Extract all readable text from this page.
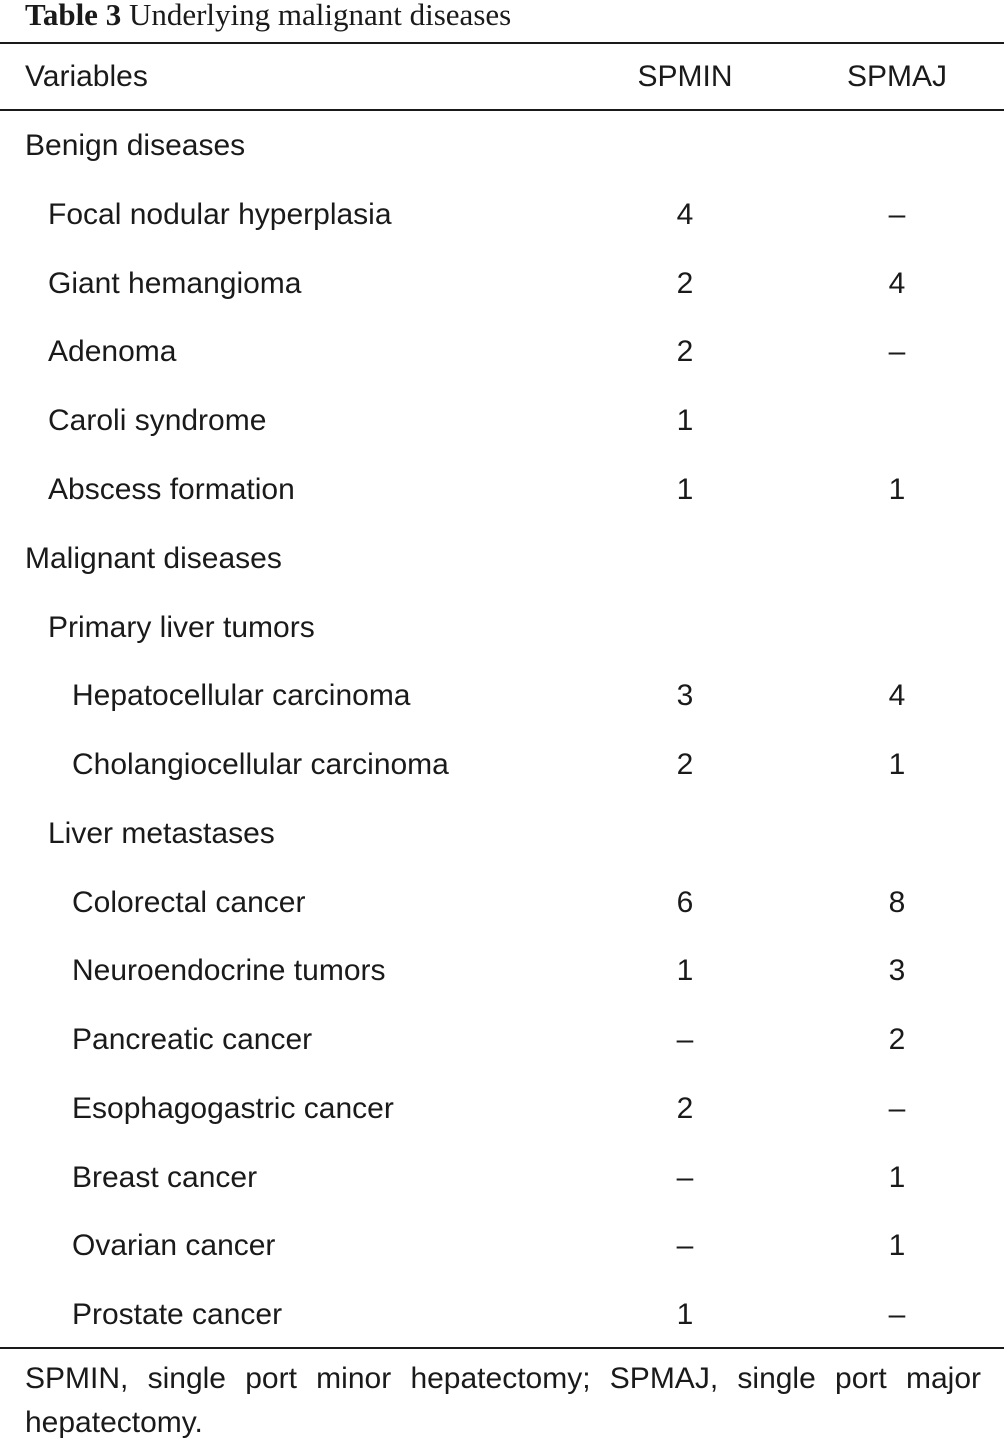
Table 3 Underlying malignant diseases
Variables	SPMIN	SPMAJ
Benign diseases
Focal nodular hyperplasia	4	–
Giant hemangioma	2	4
Adenoma	2	–
Caroli syndrome	1
Abscess formation	1	1
Malignant diseases
Primary liver tumors
Hepatocellular carcinoma	3	4
Cholangiocellular carcinoma	2	1
Liver metastases
Colorectal cancer	6	8
Neuroendocrine tumors	1	3
Pancreatic cancer	–	2
Esophagogastric cancer	2	–
Breast cancer	–	1
Ovarian cancer	–	1
Prostate cancer	1	–
SPMIN, single port minor hepatectomy; SPMAJ, single port major hepatectomy.
